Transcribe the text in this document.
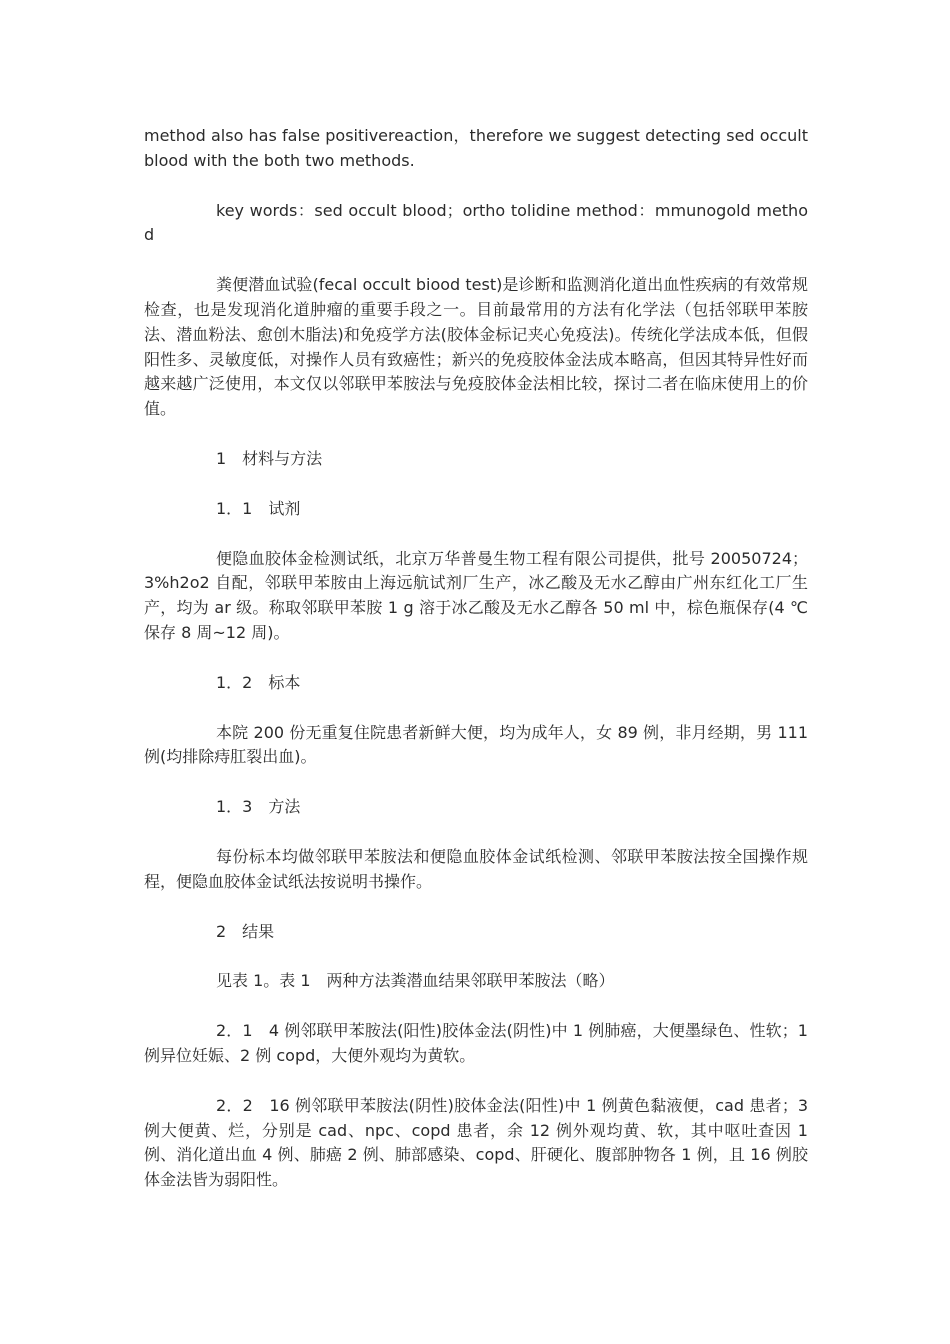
method also has false positivereaction，therefore we suggest detecting sed occult blood with the both two methods.

key words：sed occult blood；ortho tolidine method：mmunogold method

粪便潜血试验(fecal occult biood test)是诊断和监测消化道出血性疾病的有效常规检查，也是发现消化道肿瘤的重要手段之一。目前最常用的方法有化学法（包括邻联甲苯胺法、潜血粉法、愈创木脂法)和免疫学方法(胶体金标记夹心免疫法)。传统化学法成本低，但假阳性多、灵敏度低，对操作人员有致癌性；新兴的免疫胶体金法成本略高，但因其特异性好而越来越广泛使用，本文仅以邻联甲苯胺法与免疫胶体金法相比较，探讨二者在临床使用上的价值。

1　材料与方法
1．1　试剂

便隐血胶体金检测试纸，北京万华普曼生物工程有限公司提供，批号 20050724；3%h2o2 自配，邻联甲苯胺由上海远航试剂厂生产，冰乙酸及无水乙醇由广州东红化工厂生产，均为 ar 级。称取邻联甲苯胺 1 g 溶于冰乙酸及无水乙醇各 50 ml 中，棕色瓶保存(4 ℃保存 8 周~12 周)。

1．2　标本

本院 200 份无重复住院患者新鲜大便，均为成年人，女 89 例，非月经期，男 111 例(均排除痔肛裂出血)。

1．3　方法

每份标本均做邻联甲苯胺法和便隐血胶体金试纸检测、邻联甲苯胺法按全国操作规程，便隐血胶体金试纸法按说明书操作。

2　结果

见表 1。表 1　两种方法粪潜血结果邻联甲苯胺法（略）

2．1　4 例邻联甲苯胺法(阳性)胶体金法(阴性)中 1 例肺癌，大便墨绿色、性软；1 例异位妊娠、2 例 copd，大便外观均为黄软。

2．2　16 例邻联甲苯胺法(阴性)胶体金法(阳性)中 1 例黄色黏液便，cad 患者；3 例大便黄、烂，分别是 cad、npc、copd 患者，余 12 例外观均黄、软，其中呕吐查因 1 例、消化道出血 4 例、肺癌 2 例、肺部感染、copd、肝硬化、腹部肿物各 1 例，且 16 例胶体金法皆为弱阳性。
